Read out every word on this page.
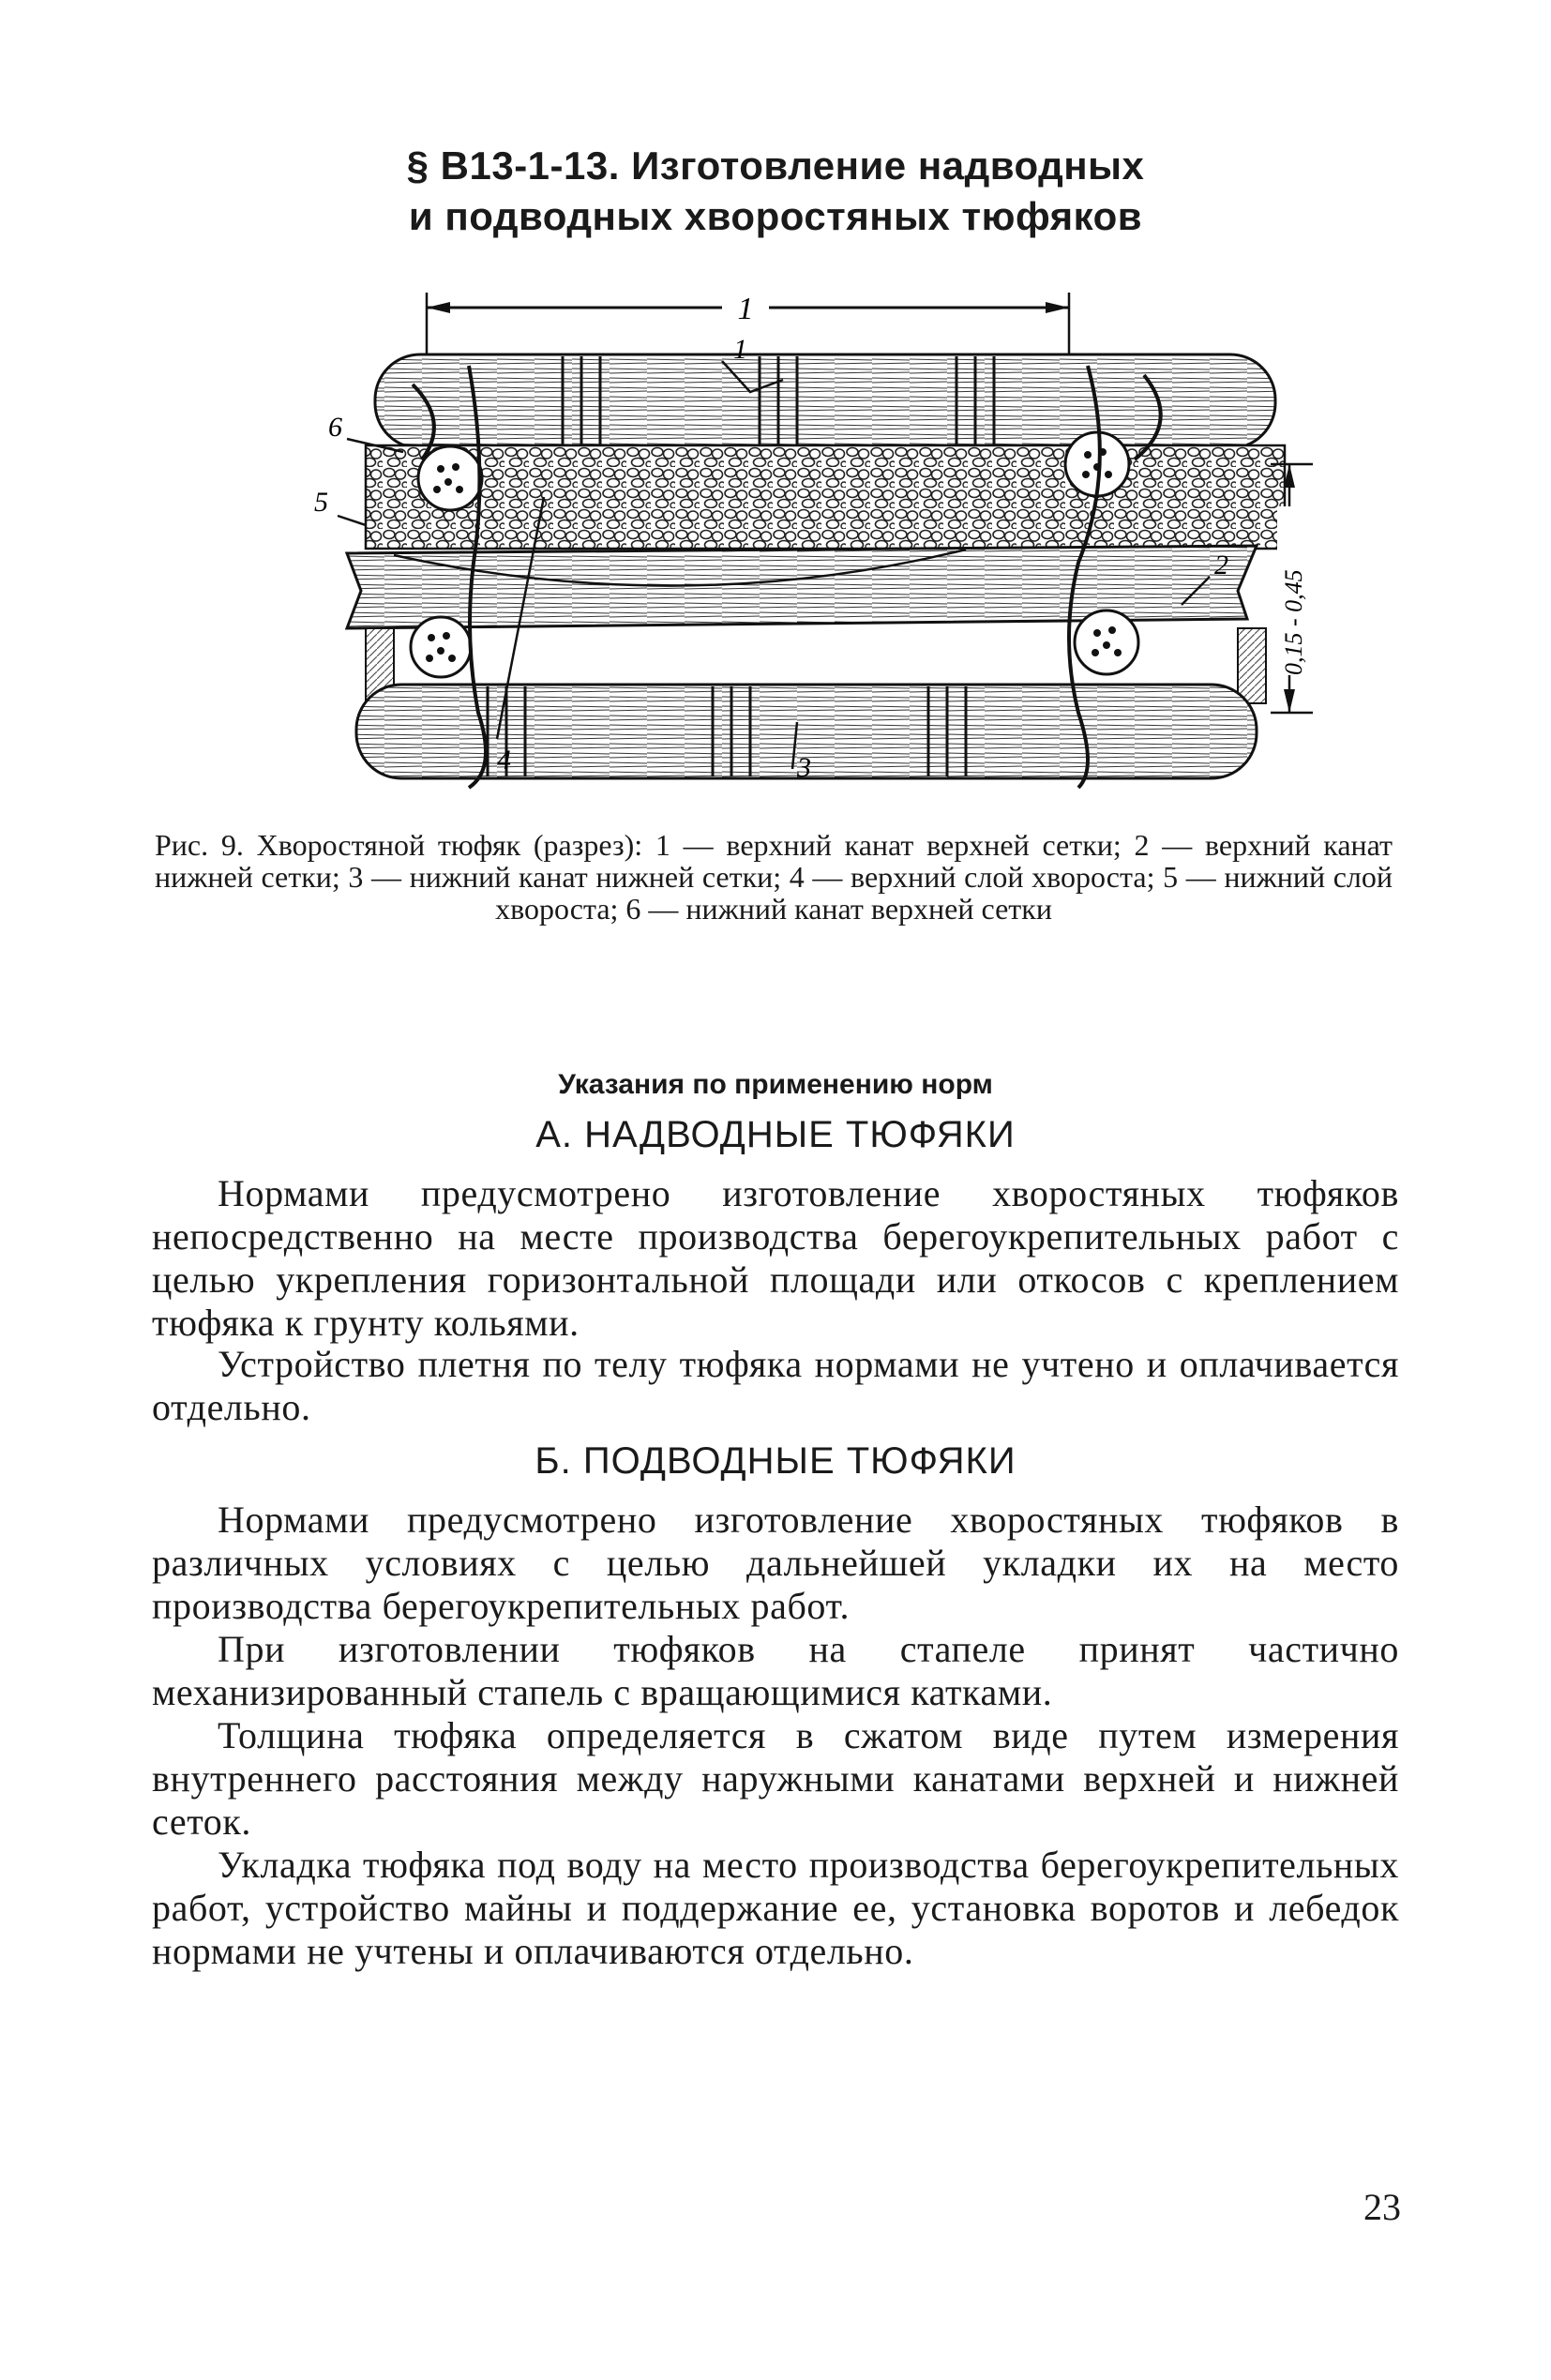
§ В13-1-13. Изготовление надводных
и подводных хворостяных тюфяков
1
0,15 - 0,45
1
6
5
2
4	3

Рис. 9. Хворостяной тюфяк (разрез): 1 — верхний канат верхней сетки; 2 — верхний канат нижней сетки; 3 — нижний канат нижней сетки; 4 — верхний слой хвороста; 5 — нижний слой хвороста; 6 — нижний канат верхней сетки

Указания по применению норм
А. НАДВОДНЫЕ ТЮФЯКИ

Нормами предусмотрено изготовление хворостяных тюфяков непосредственно на месте производства берегоукрепительных работ с целью укрепления горизонтальной площади или откосов с креплением тюфяка к грунту кольями.

Устройство плетня по телу тюфяка нормами не учтено и оплачивается отдельно.

Б. ПОДВОДНЫЕ ТЮФЯКИ

Нормами предусмотрено изготовление хворостяных тюфяков в различных условиях с целью дальнейшей укладки их на место производства берегоукрепительных работ.

При изготовлении тюфяков на стапеле принят частично механизированный стапель с вращающимися катками.

Толщина тюфяка определяется в сжатом виде путем измерения внутреннего расстояния между наружными канатами верхней и нижней сеток.

Укладка тюфяка под воду на место производства берегоукрепительных работ, устройство майны и поддержание ее, установка воротов и лебедок нормами не учтены и оплачиваются отдельно.

23
